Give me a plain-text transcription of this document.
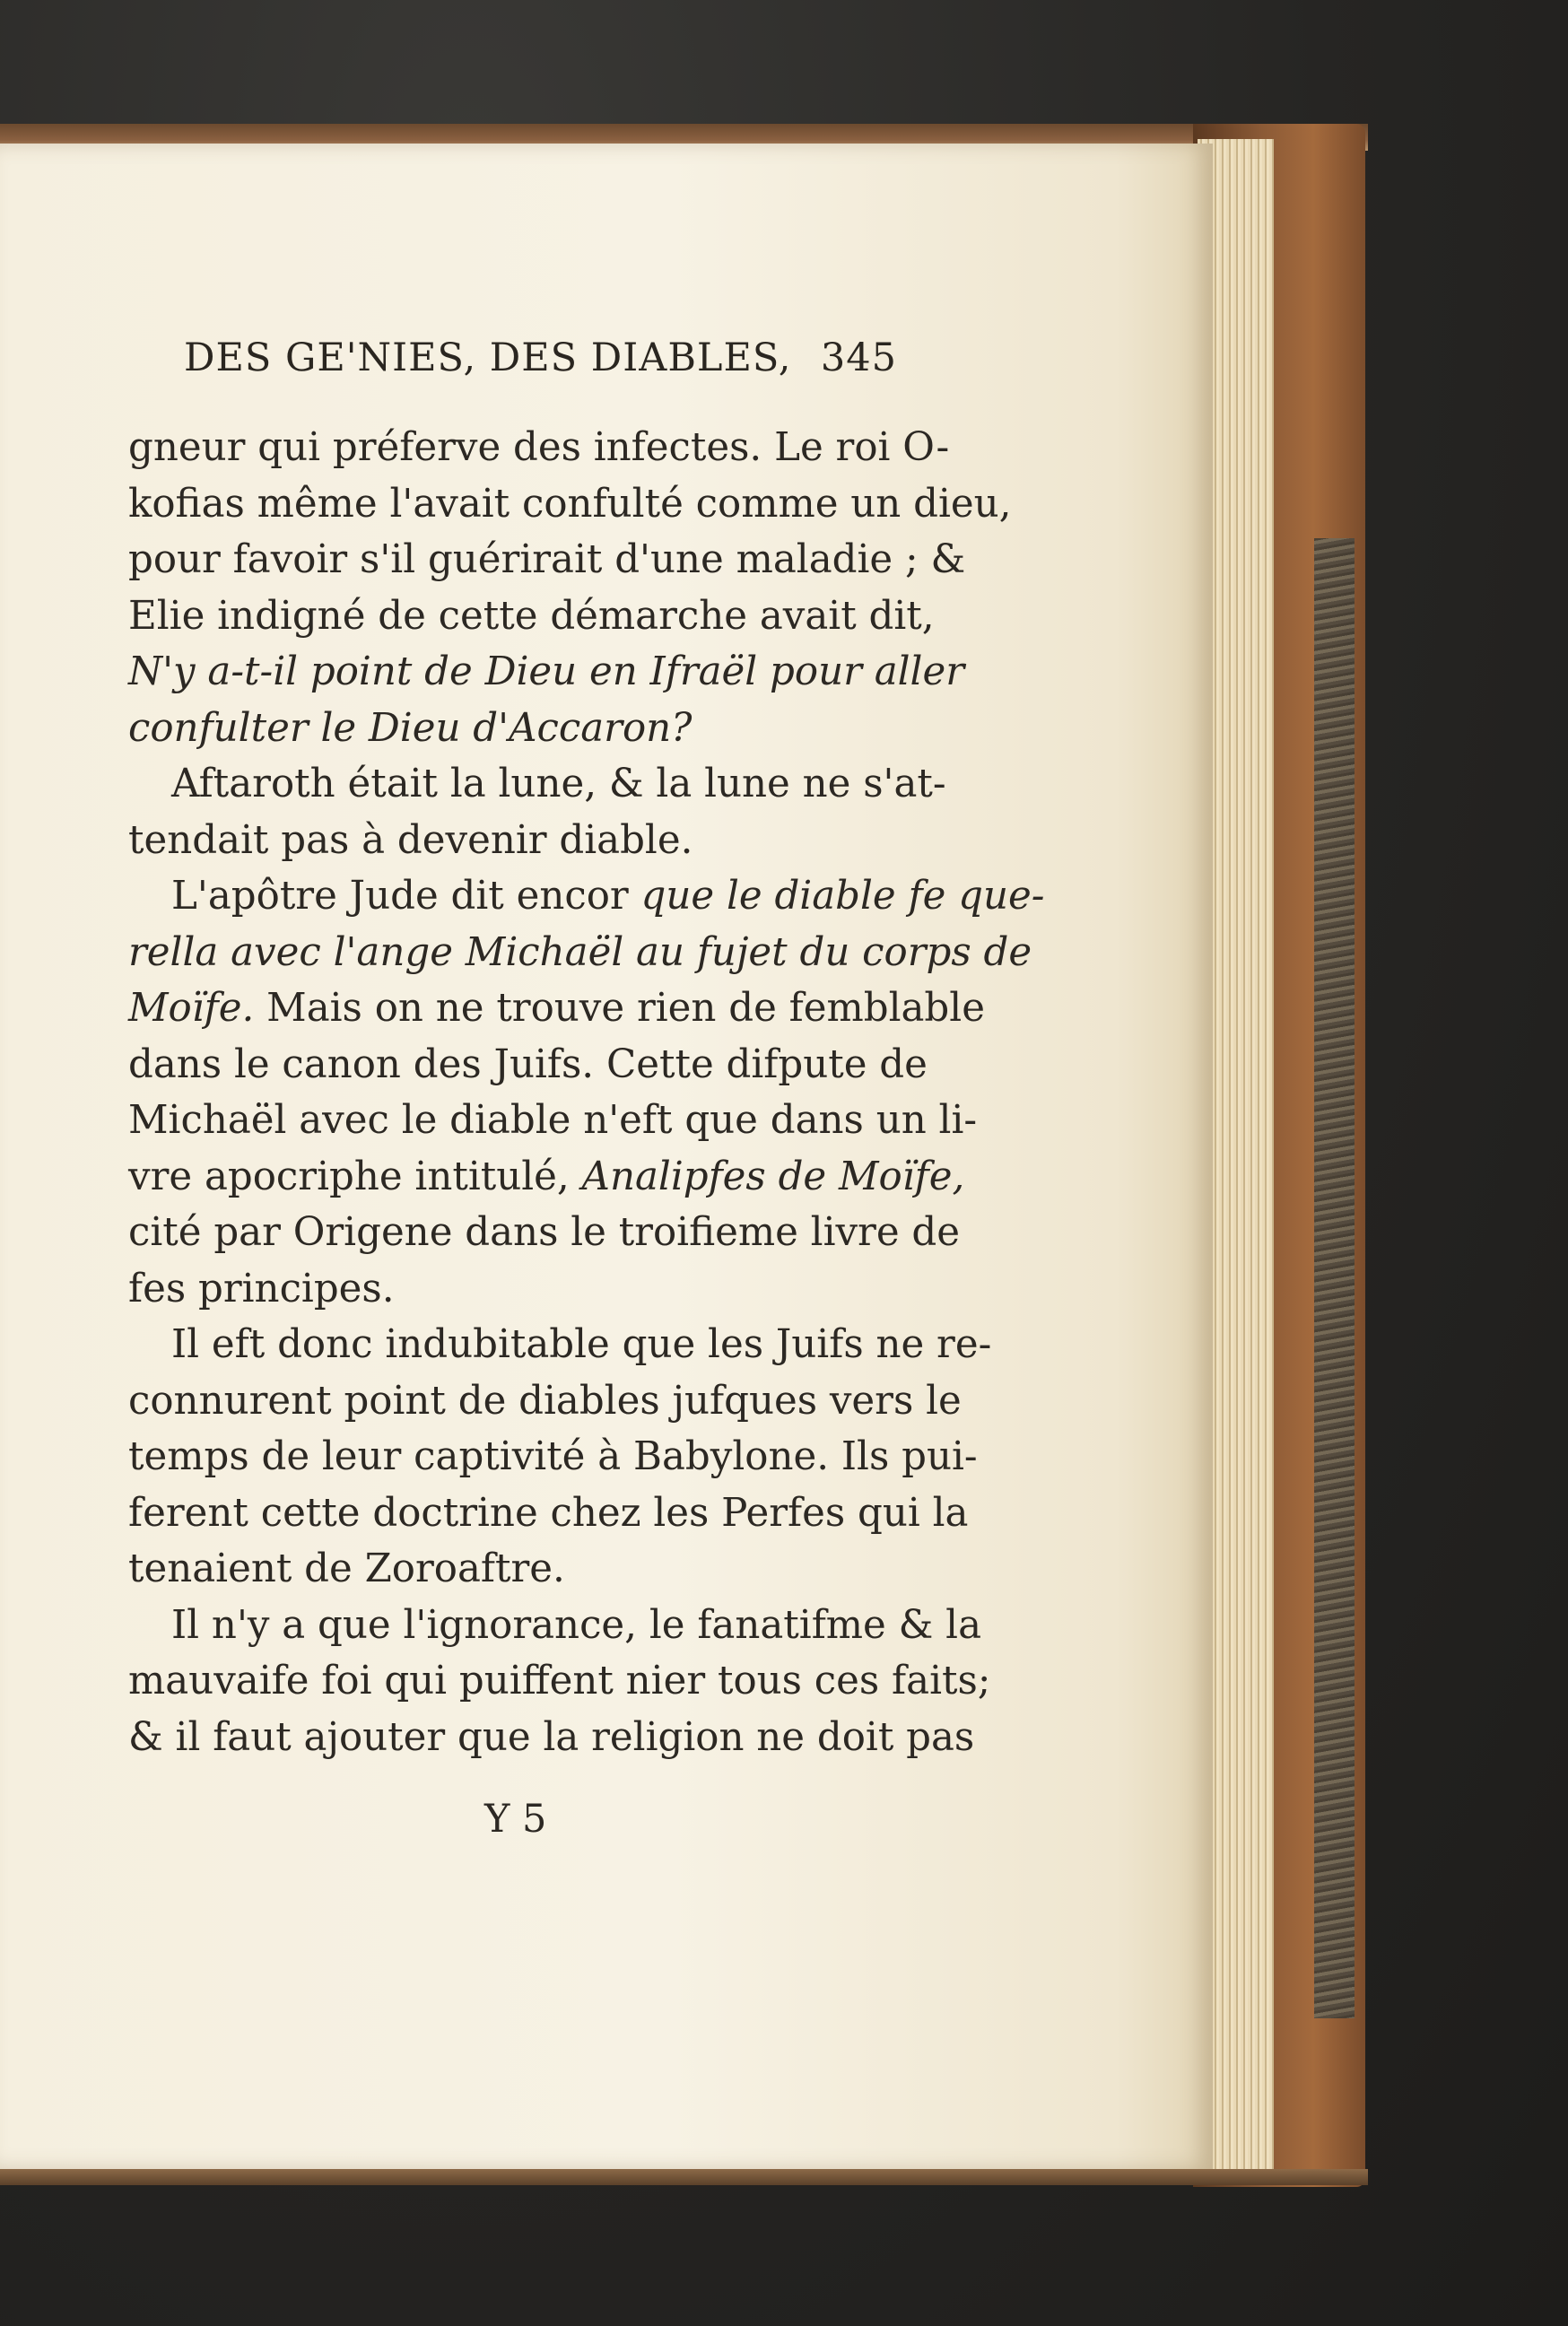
DES GE'NIES, DES DIABLES, 345
gneur qui préferve des infectes. Le roi O-
kofias même l'avait confulté comme un dieu,
pour favoir s'il guérirait d'une maladie ; &
Elie indigné de cette démarche avait dit,
N'y a-t-il point de Dieu en Ifraël pour aller
confulter le Dieu d'Accaron?
Aftaroth était la lune, & la lune ne s'at-
tendait pas à devenir diable.
L'apôtre Jude dit encor que le diable fe que-
rella avec l'ange Michaël au fujet du corps de
Moïfe. Mais on ne trouve rien de femblable
dans le canon des Juifs. Cette difpute de
Michaël avec le diable n'eft que dans un li-
vre apocriphe intitulé, Analipfes de Moïfe,
cité par Origene dans le troifieme livre de
fes principes.
Il eft donc indubitable que les Juifs ne re-
connurent point de diables jufques vers le
temps de leur captivité à Babylone. Ils pui-
ferent cette doctrine chez les Perfes qui la
tenaient de Zoroaftre.
Il n'y a que l'ignorance, le fanatifme & la
mauvaife foi qui puiffent nier tous ces faits;
& il faut ajouter que la religion ne doit pas
Y 5
